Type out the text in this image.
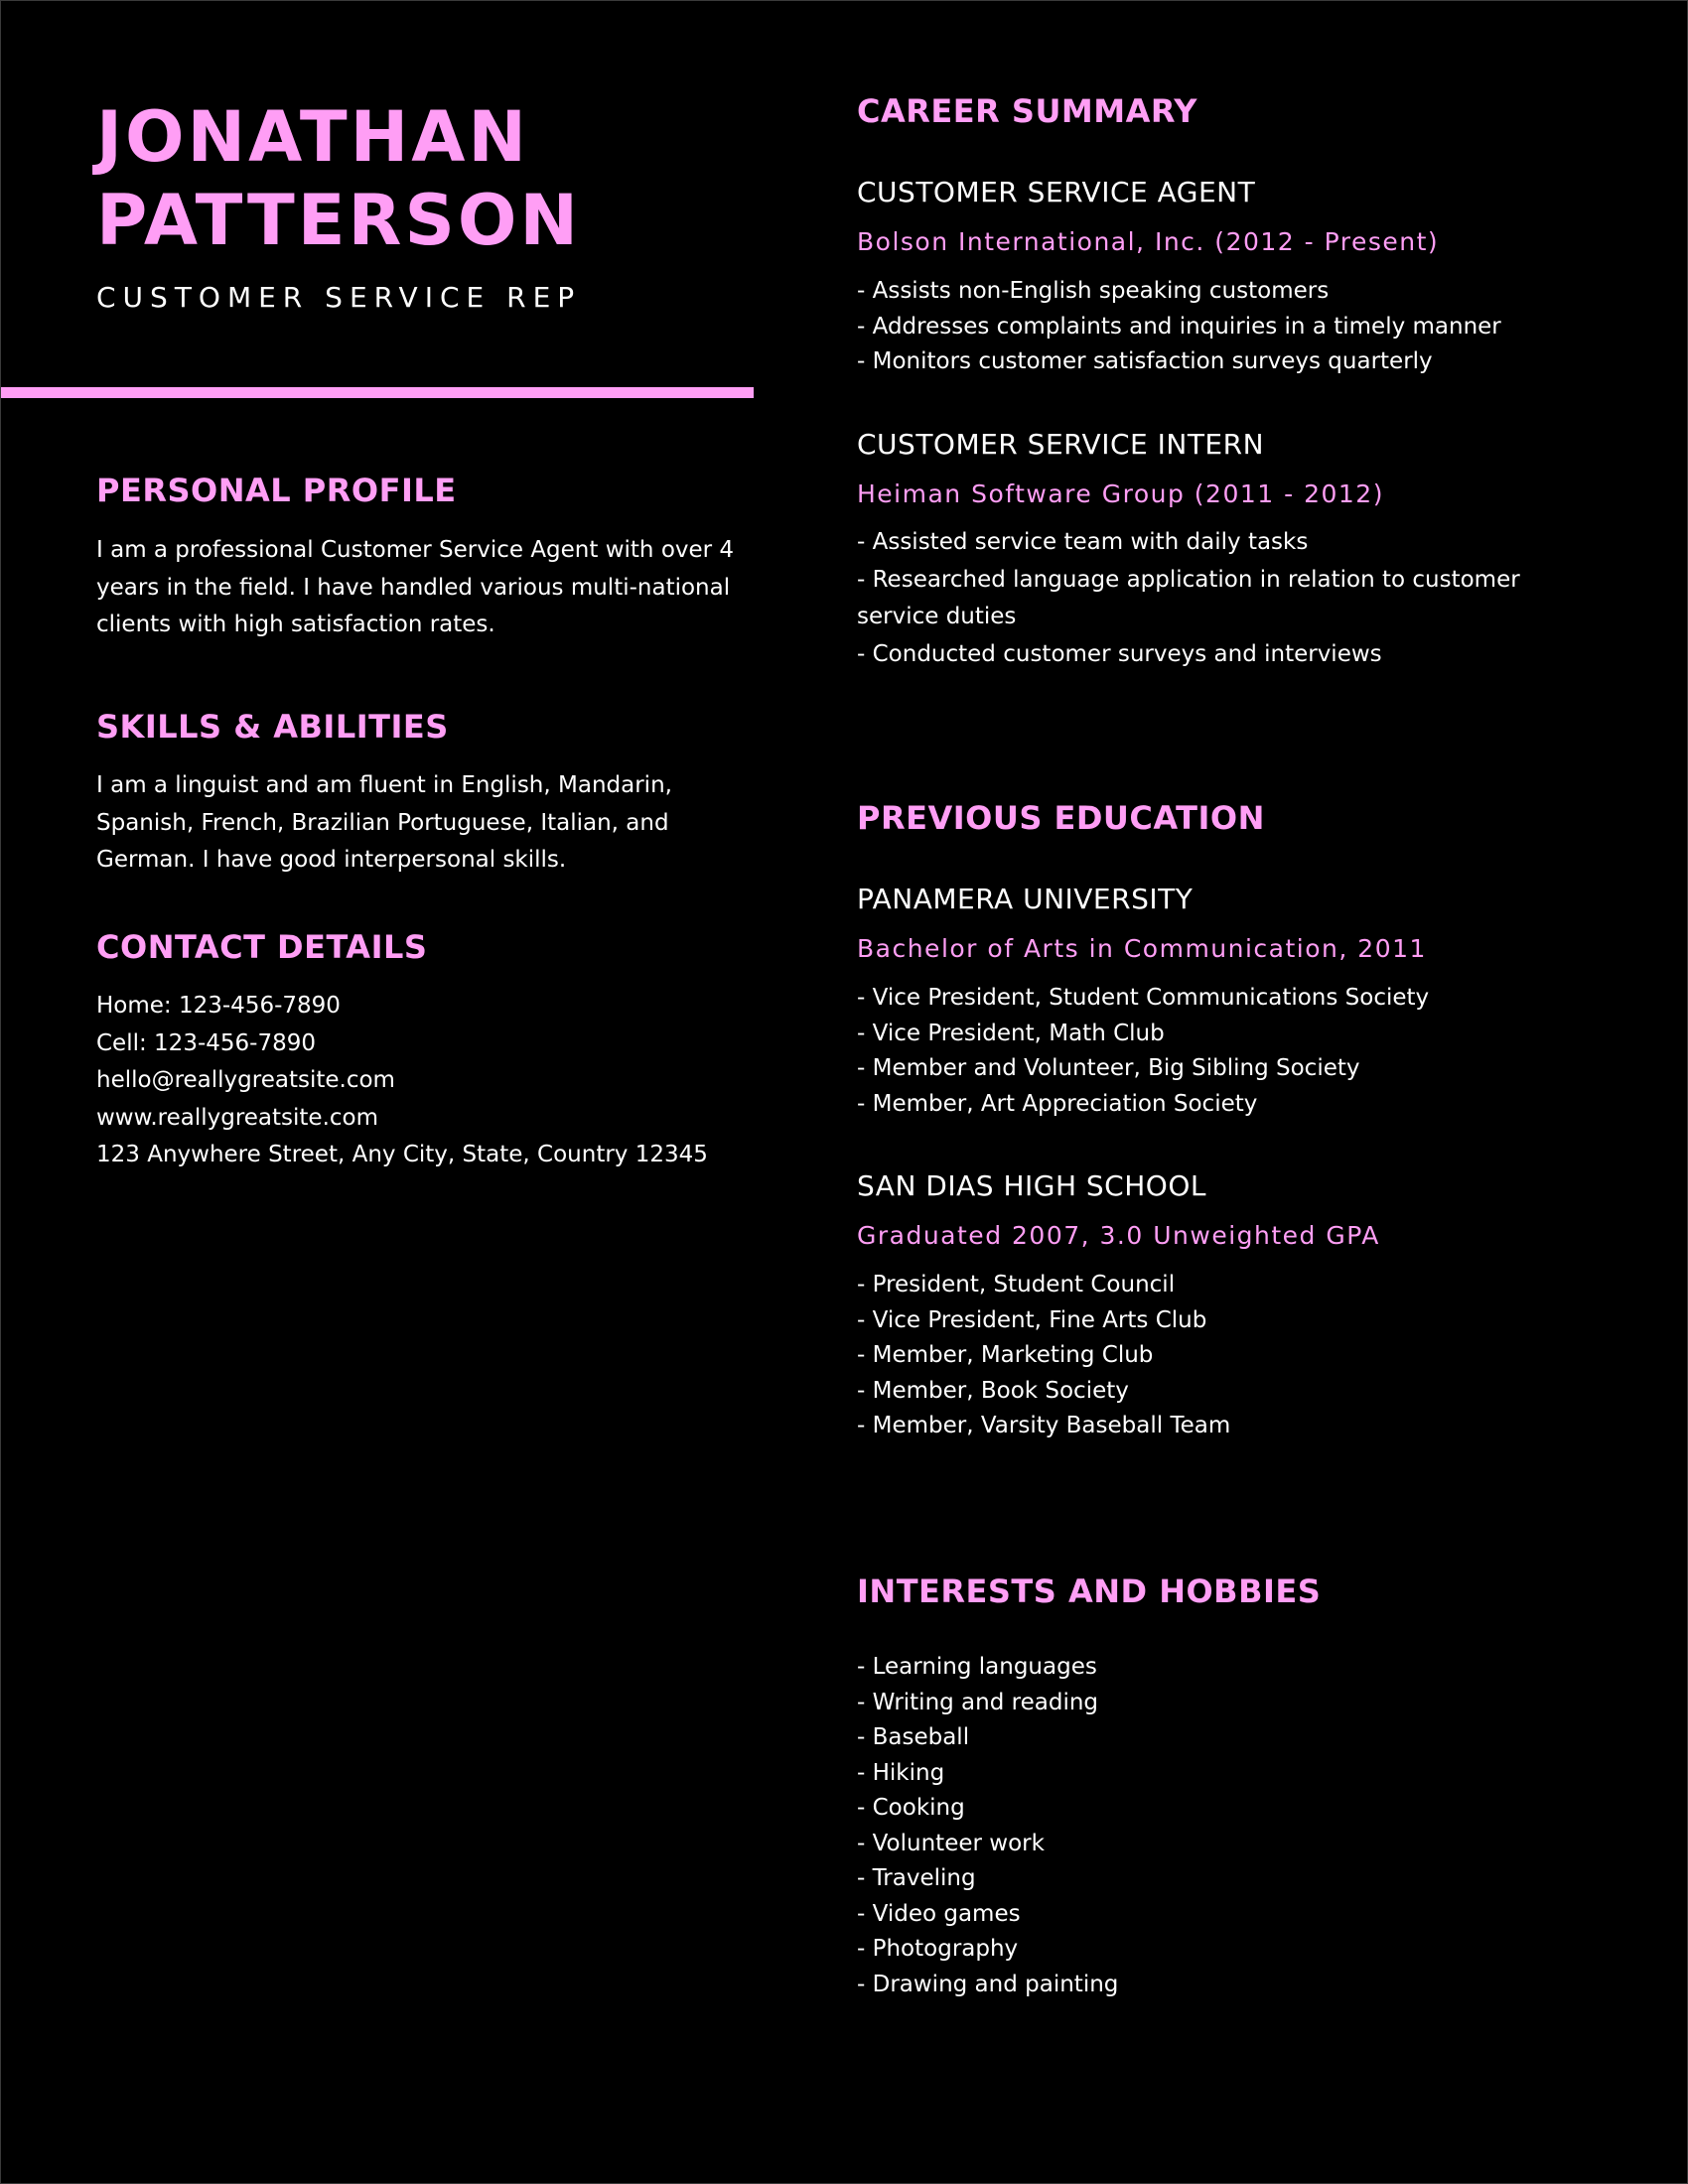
JONATHAN
PATTERSON
CUSTOMER SERVICE REP
PERSONAL PROFILE

I am a professional Customer Service Agent with over 4 years in the field. I have handled various multi-national clients with high satisfaction rates.

SKILLS & ABILITIES

I am a linguist and am fluent in English, Mandarin, Spanish, French, Brazilian Portuguese, Italian, and German. I have good interpersonal skills.

CONTACT DETAILS
Home: 123-456-7890
Cell: 123-456-7890
hello@reallygreatsite.com
www.reallygreatsite.com
123 Anywhere Street, Any City, State, Country 12345
CAREER SUMMARY
CUSTOMER SERVICE AGENT
Bolson International, Inc. (2012 - Present)
- Assists non-English speaking customers
- Addresses complaints and inquiries in a timely manner
- Monitors customer satisfaction surveys quarterly
CUSTOMER SERVICE INTERN
Heiman Software Group (2011 - 2012)
- Assisted service team with daily tasks
- Researched language application in relation to customer service duties
- Conducted customer surveys and interviews
PREVIOUS EDUCATION
PANAMERA UNIVERSITY
Bachelor of Arts in Communication, 2011
- Vice President, Student Communications Society
- Vice President, Math Club
- Member and Volunteer, Big Sibling Society
- Member, Art Appreciation Society
SAN DIAS HIGH SCHOOL
Graduated 2007, 3.0 Unweighted GPA
- President, Student Council
- Vice President, Fine Arts Club
- Member, Marketing Club
- Member, Book Society
- Member, Varsity Baseball Team
INTERESTS AND HOBBIES
- Learning languages
- Writing and reading
- Baseball
- Hiking
- Cooking
- Volunteer work
- Traveling
- Video games
- Photography
- Drawing and painting
